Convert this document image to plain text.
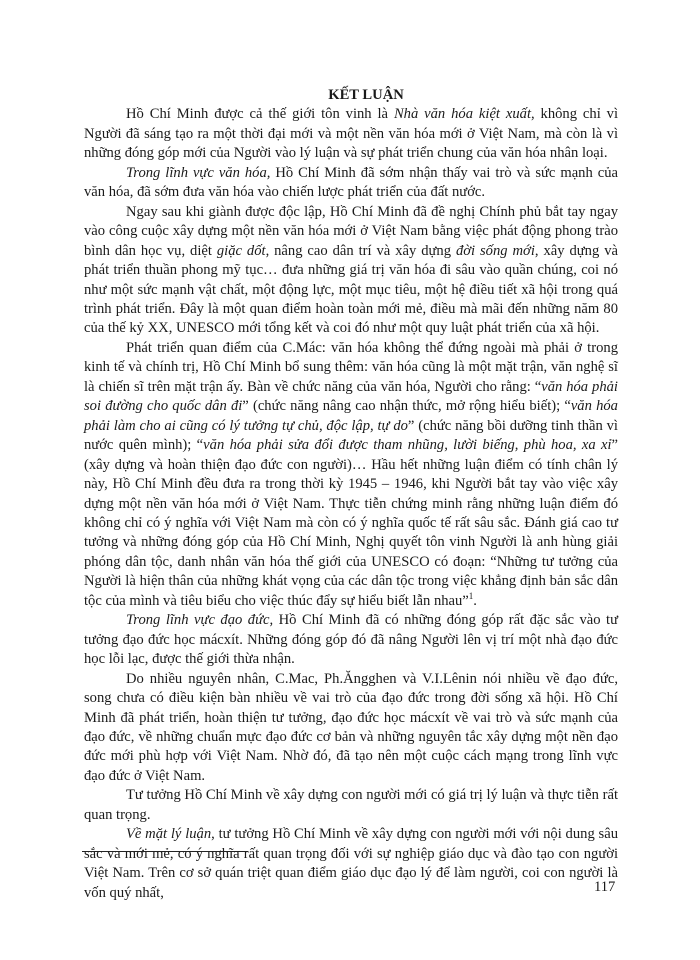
KẾT LUẬN

Hồ Chí Minh được cả thế giới tôn vinh là Nhà văn hóa kiệt xuất, không chỉ vì Người đã sáng tạo ra một thời đại mới và một nền văn hóa mới ở Việt Nam, mà còn là vì những đóng góp mới của Người vào lý luận và sự phát triển chung của văn hóa nhân loại.

Trong lĩnh vực văn hóa, Hồ Chí Minh đã sớm nhận thấy vai trò và sức mạnh của văn hóa, đã sớm đưa văn hóa vào chiến lược phát triển của đất nước.

Ngay sau khi giành được độc lập, Hồ Chí Minh đã đề nghị Chính phủ bắt tay ngay vào công cuộc xây dựng một nền văn hóa mới ở Việt Nam bằng việc phát động phong trào bình dân học vụ, diệt giặc dốt, nâng cao dân trí và xây dựng đời sống mới, xây dựng và phát triển thuần phong mỹ tục… đưa những giá trị văn hóa đi sâu vào quần chúng, coi nó như một sức mạnh vật chất, một động lực, một mục tiêu, một hệ điều tiết xã hội trong quá trình phát triển. Đây là một quan điểm hoàn toàn mới mẻ, điều mà mãi đến những năm 80 của thế kỷ XX, UNESCO mới tổng kết và coi đó như một quy luật phát triển của xã hội.

Phát triển quan điểm của C.Mác: văn hóa không thể đứng ngoài mà phải ở trong kinh tế và chính trị, Hồ Chí Minh bổ sung thêm: văn hóa cũng là một mặt trận, văn nghệ sĩ là chiến sĩ trên mặt trận ấy. Bàn về chức năng của văn hóa, Người cho rằng: “văn hóa phải soi đường cho quốc dân đi” (chức năng nâng cao nhận thức, mở rộng hiểu biết); “văn hóa phải làm cho ai cũng có lý tưởng tự chủ, độc lập, tự do” (chức năng bồi dưỡng tinh thần vì nước quên mình); “văn hóa phải sửa đổi được tham nhũng, lười biếng, phù hoa, xa xỉ” (xây dựng và hoàn thiện đạo đức con người)… Hầu hết những luận điểm có tính chân lý này, Hồ Chí Minh đều đưa ra trong thời kỳ 1945 – 1946, khi Người bắt tay vào việc xây dựng một nền văn hóa mới ở Việt Nam. Thực tiễn chứng minh rằng những luận điểm đó không chỉ có ý nghĩa với Việt Nam mà còn có ý nghĩa quốc tế rất sâu sắc. Đánh giá cao tư tưởng và những đóng góp của Hồ Chí Minh, Nghị quyết tôn vinh Người là anh hùng giải phóng dân tộc, danh nhân văn hóa thế giới của UNESCO có đoạn: “Những tư tưởng của Người là hiện thân của những khát vọng của các dân tộc trong việc khẳng định bản sắc dân tộc của mình và tiêu biểu cho việc thúc đẩy sự hiểu biết lẫn nhau”$^1$.

Trong lĩnh vực đạo đức, Hồ Chí Minh đã có những đóng góp rất đặc sắc vào tư tưởng đạo đức học mácxít. Những đóng góp đó đã nâng Người lên vị trí một nhà đạo đức học lỗi lạc, được thế giới thừa nhận.

Do nhiều nguyên nhân, C.Mac, Ph.Ăngghen và V.I.Lênin nói nhiều về đạo đức, song chưa có điều kiện bàn nhiều về vai trò của đạo đức trong đời sống xã hội. Hồ Chí Minh đã phát triển, hoàn thiện tư tưởng, đạo đức học mácxít về vai trò và sức mạnh của đạo đức, về những chuẩn mực đạo đức cơ bản và những nguyên tắc xây dựng một nền đạo đức mới phù hợp với Việt Nam. Nhờ đó, đã tạo nên một cuộc cách mạng trong lĩnh vực đạo đức ở Việt Nam.

Tư tưởng Hồ Chí Minh về xây dựng con người mới có giá trị lý luận và thực tiễn rất quan trọng.

Về mặt lý luận, tư tưởng Hồ Chí Minh về xây dựng con người mới với nội dung sâu sắc và mới mẻ, có ý nghĩa rất quan trọng đối với sự nghiệp giáo dục và đào tạo con người Việt Nam. Trên cơ sở quán triệt quan điểm giáo dục đạo lý để làm người, coi con người là vốn quý nhất,	117
